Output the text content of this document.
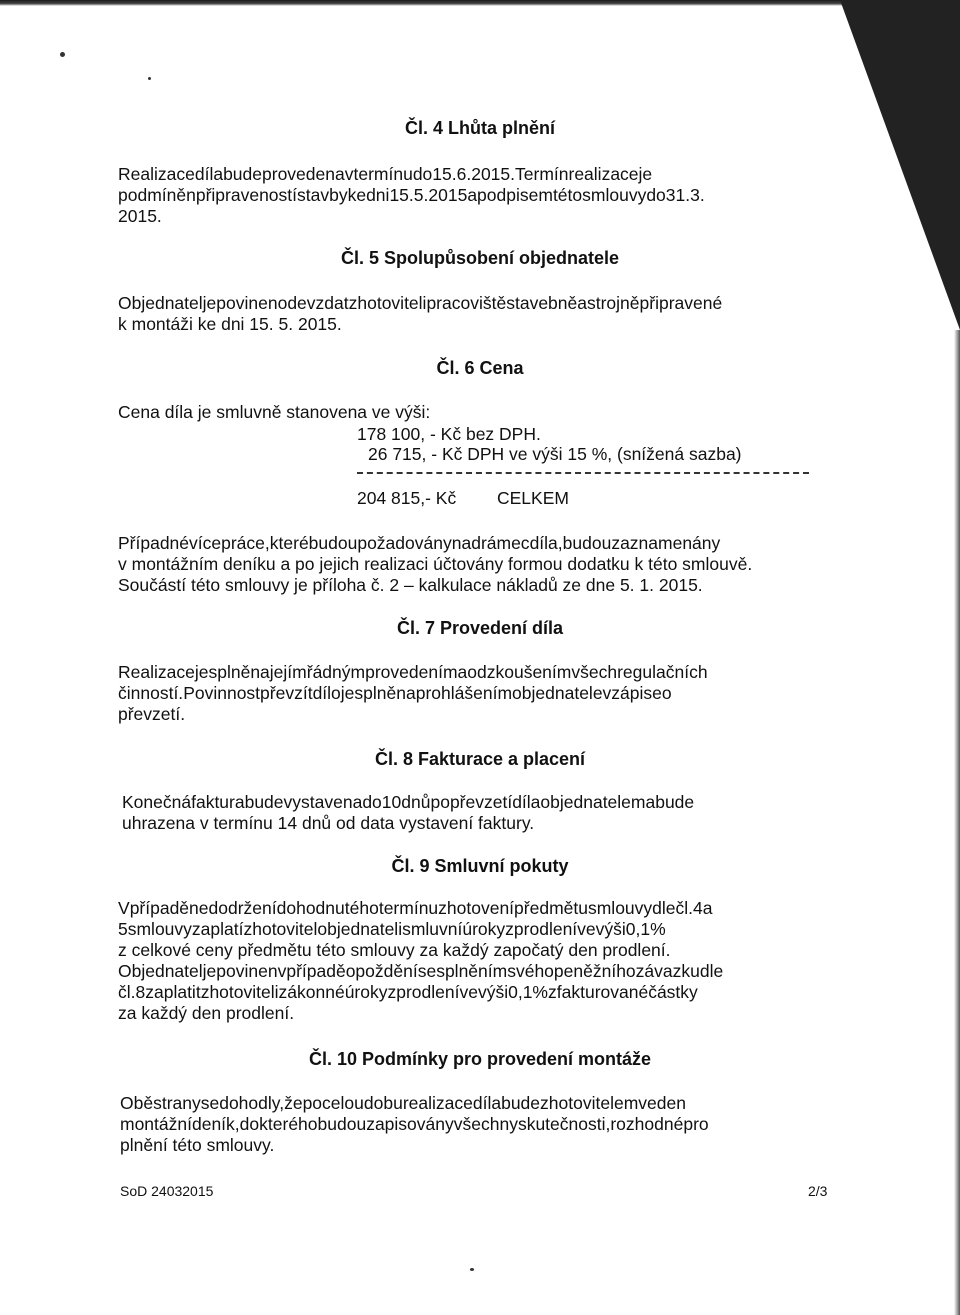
Čl. 4 Lhůta plnění
Realizacedílabudeprovedenavtermínudo15.6.2015.Termínrealizaceje
podmíněnpřipravenostístavbykedni15.5.2015apodpisemtétosmlouvydo31.3.
2015.
Čl. 5 Spolupůsobení objednatele
Objednateljepovinenodevzdatzhotovitelipracovištěstavebněastrojněpřipravené
k montáži ke dni 15. 5. 2015.
Čl. 6 Cena
Cena díla je smluvně stanovena ve výši:
178 100, - Kč bez DPH.
26 715, - Kč DPH ve výši 15 %, (snížená sazba)
204 815,- Kč CELKEM
Případnévícepráce,kterébudoupožadoványnadrámecdíla,budouzaznamenány
v montážním deníku a po jejich realizaci účtovány formou dodatku k této smlouvě.
Součástí této smlouvy je příloha č. 2 – kalkulace nákladů ze dne 5. 1. 2015.
Čl. 7 Provedení díla
Realizacejesplněnajejímřádnýmprovedenímaodzkoušenímvšechregulačních
činností.Povinnostpřevzítdílojesplněnaprohlášenímobjednatelevzápiseo
převzetí.
Čl. 8 Fakturace a placení
Konečnáfakturabudevystavenado10dnůpopřevzetídílaobjednatelemabude
uhrazena v termínu 14 dnů od data vystavení faktury.
Čl. 9 Smluvní pokuty
Vpřípaděnedodrženídohodnutéhotermínuzhotovenípředmětusmlouvydlečl.4a
5smlouvyzaplatízhotovitelobjednatelismluvníúrokyzprodlenívevýši0,1%
z celkové ceny předmětu této smlouvy za každý započatý den prodlení.
Objednateljepovinenvpřípaděopožděnísesplněnímsvéhopeněžníhozávazkudle
čl.8zaplatitzhotovitelizákonnéúrokyzprodlenívevýši0,1%zfakturovanéčástky
za každý den prodlení.
Čl. 10 Podmínky pro provedení montáže
Oběstranysedohodly,žepoceloudoburealizacedílabudezhotovitelemveden
montážnídeník,dokteréhobudouzapisoványvšechnyskutečnosti,rozhodnépro
plnění této smlouvy.
SoD 24032015	2/3
